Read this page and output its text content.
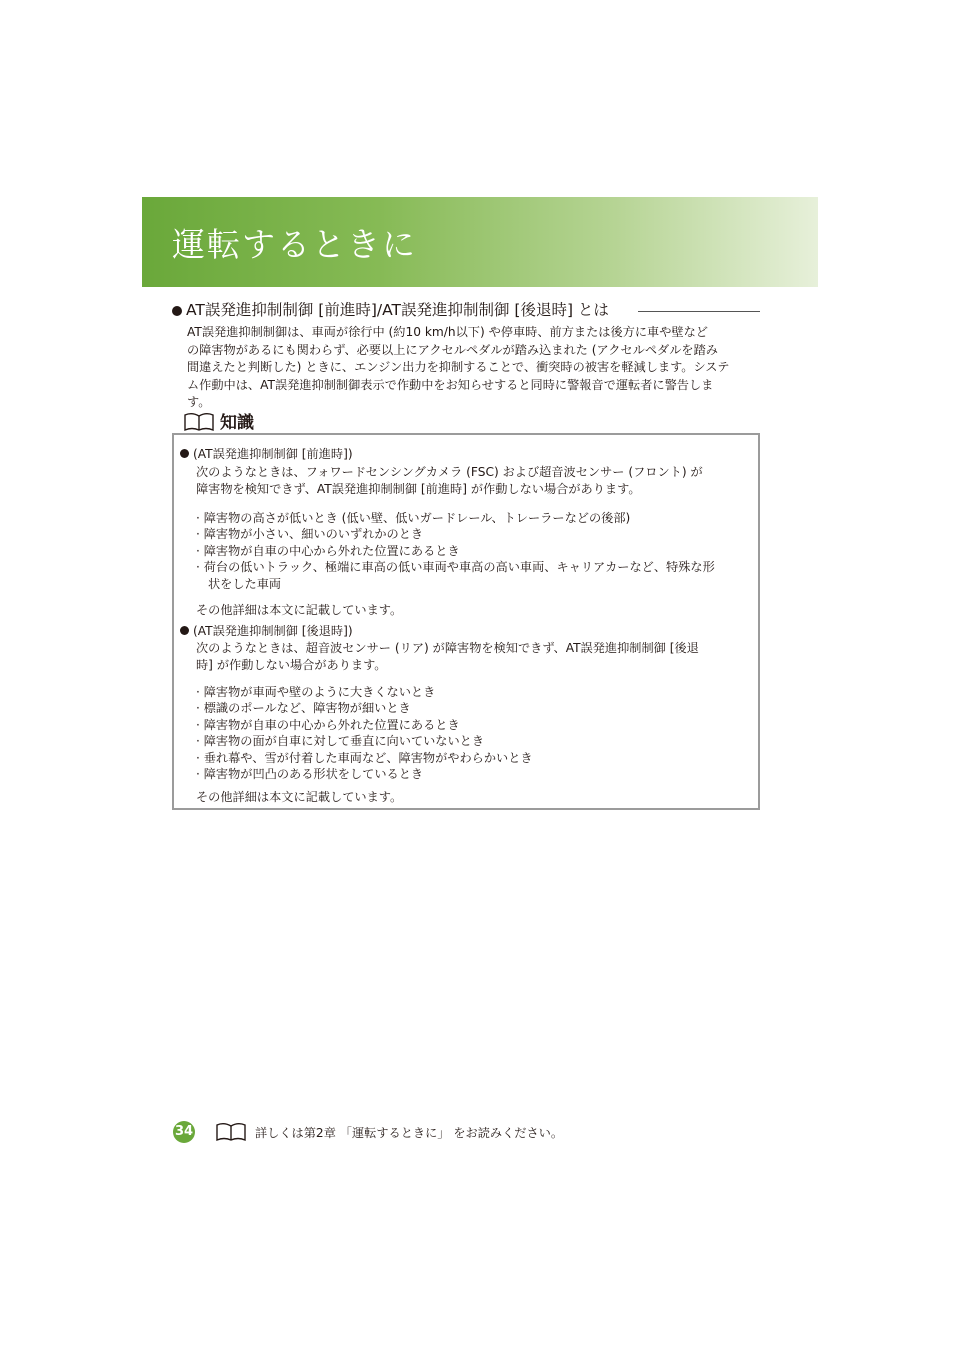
運転するときに
AT誤発進抑制制御 [前進時]/AT誤発進抑制制御 [後退時] とは
AT誤発進抑制制御は、車両が徐行中 (約10 km/h以下) や停車時、前方または後方に車や壁など
の障害物があるにも関わらず、必要以上にアクセルペダルが踏み込まれた (アクセルペダルを踏み
間違えたと判断した) ときに、エンジン出力を抑制することで、衝突時の被害を軽減します。システ
ム作動中は、AT誤発進抑制制御表示で作動中をお知らせすると同時に警報音で運転者に警告しま
す。
知識
(AT誤発進抑制制御 [前進時])
次のようなときは、フォワードセンシングカメラ (FSC) および超音波センサー (フロント) が
障害物を検知できず、AT誤発進抑制制御 [前進時] が作動しない場合があります。
· 障害物の高さが低いとき (低い壁、低いガードレール、トレーラーなどの後部)
· 障害物が小さい、細いのいずれかのとき
· 障害物が自車の中心から外れた位置にあるとき
· 荷台の低いトラック、極端に車高の低い車両や車高の高い車両、キャリアカーなど、特殊な形
状をした車両
その他詳細は本文に記載しています。
(AT誤発進抑制制御 [後退時])
次のようなときは、超音波センサー (リア) が障害物を検知できず、AT誤発進抑制制御 [後退
時] が作動しない場合があります。
· 障害物が車両や壁のように大きくないとき
· 標識のポールなど、障害物が細いとき
· 障害物が自車の中心から外れた位置にあるとき
· 障害物の面が自車に対して垂直に向いていないとき
· 垂れ幕や、雪が付着した車両など、障害物がやわらかいとき
· 障害物が凹凸のある形状をしているとき
その他詳細は本文に記載しています。
34	詳しくは第2章 「運転するときに」 をお読みください。
